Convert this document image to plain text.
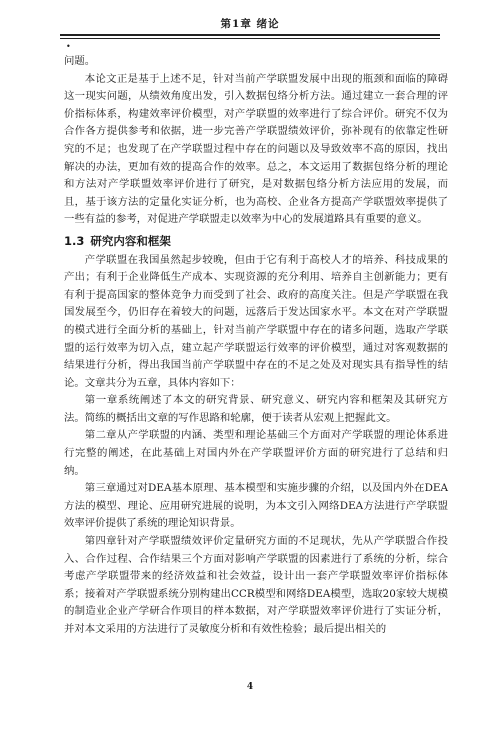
第1章 绪论
•

问题。

本论文正是基于上述不足，针对当前产学联盟发展中出现的瓶颈和面临的障碍这一现实问题，从绩效角度出发，引入数据包络分析方法。通过建立一套合理的评价指标体系，构建效率评价模型，对产学联盟的效率进行了综合评价。研究不仅为合作各方提供参考和依据，进一步完善产学联盟绩效评价，弥补现有的依靠定性研究的不足；也发现了在产学联盟过程中存在的问题以及导致效率不高的原因，找出解决的办法，更加有效的提高合作的效率。总之，本文运用了数据包络分析的理论和方法对产学联盟效率评价进行了研究，是对数据包络分析方法应用的发展，而且，基于该方法的定量化实证分析，也为高校、企业各方提高产学联盟效率提供了一些有益的参考，对促进产学联盟走以效率为中心的发展道路具有重要的意义。

1.3 研究内容和框架

产学联盟在我国虽然起步较晚，但由于它有利于高校人才的培养、科技成果的产出；有利于企业降低生产成本、实现资源的充分利用、培养自主创新能力；更有有利于提高国家的整体竞争力而受到了社会、政府的高度关注。但是产学联盟在我国发展至今，仍旧存在着较大的问题，远落后于发达国家水平。本文在对产学联盟的模式进行全面分析的基础上，针对当前产学联盟中存在的诸多问题，选取产学联盟的运行效率为切入点，建立起产学联盟运行效率的评价模型，通过对客观数据的结果进行分析，得出我国当前产学联盟中存在的不足之处及对现实具有指导性的结论。文章共分为五章，具体内容如下：

第一章系统阐述了本文的研究背景、研究意义、研究内容和框架及其研究方法。简练的概括出文章的写作思路和轮廓，便于读者从宏观上把握此文。

第二章从产学联盟的内涵、类型和理论基础三个方面对产学联盟的理论体系进行完整的阐述，在此基础上对国内外在产学联盟评价方面的研究进行了总结和归纳。

第三章通过对DEA基本原理、基本模型和实施步骤的介绍，以及国内外在DEA方法的模型、理论、应用研究进展的说明，为本文引入网络DEA方法进行产学联盟效率评价提供了系统的理论知识背景。

第四章针对产学联盟绩效评价定量研究方面的不足现状，先从产学联盟合作投入、合作过程、合作结果三个方面对影响产学联盟的因素进行了系统的分析，综合考虑产学联盟带来的经济效益和社会效益，设计出一套产学联盟效率评价指标体系；接着对产学联盟系统分别构建出CCR模型和网络DEA模型，选取20家较大规模的制造业企业产学研合作项目的样本数据，对产学联盟效率评价进行了实证分析，并对本文采用的方法进行了灵敏度分析和有效性检验；最后提出相关的

4
